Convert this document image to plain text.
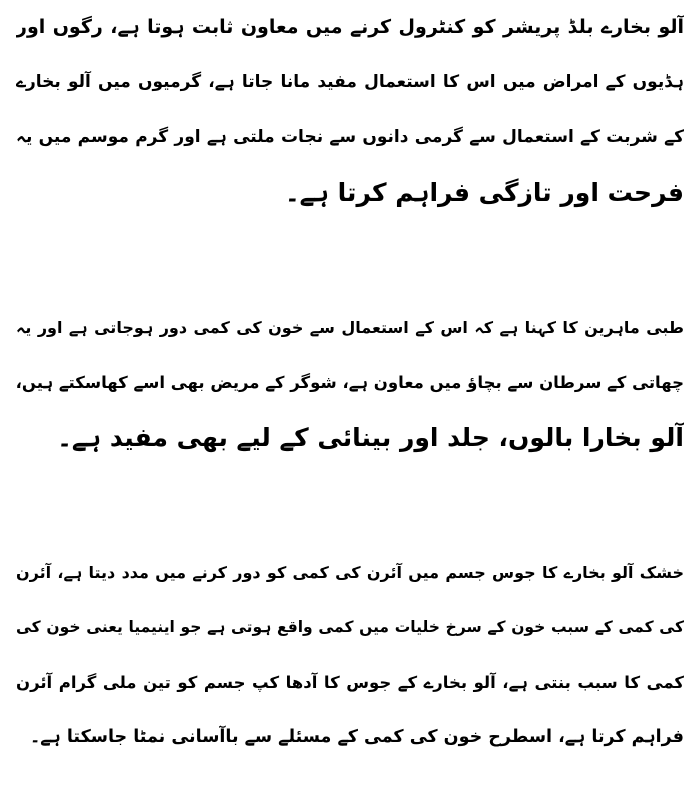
آلو بخارے بلڈ پریشر کو کنٹرول کرنے میں معاون ثابت ہوتا ہے، رگوں اور
ہڈیوں کے امراض میں اس کا استعمال مفید مانا جاتا ہے، گرمیوں میں آلو بخارے
کے شربت کے استعمال سے گرمی دانوں سے نجات ملتی ہے اور گرم موسم میں یہ
فرحت اور تازگی فراہم کرتا ہے۔
طبی ماہرین کا کہنا ہے کہ اس کے استعمال سے خون کی کمی دور ہوجاتی ہے اور یہ
چھاتی کے سرطان سے بچاؤ میں معاون ہے، شوگر کے مریض بھی اسے کھاسکتے ہیں،
آلو بخارا بالوں، جلد اور بینائی کے لیے بھی مفید ہے۔
خشک آلو بخارے کا جوس جسم میں آئرن کی کمی کو دور کرنے میں مدد دیتا ہے، آئرن
کی کمی کے سبب خون کے سرخ خلیات میں کمی واقع ہوتی ہے جو اینیمیا یعنی خون کی
کمی کا سبب بنتی ہے، آلو بخارے کے جوس کا آدھا کپ جسم کو تین ملی گرام آئرن
فراہم کرتا ہے، اسطرح خون کی کمی کے مسئلے سے باآسانی نمٹا جاسکتا ہے۔
